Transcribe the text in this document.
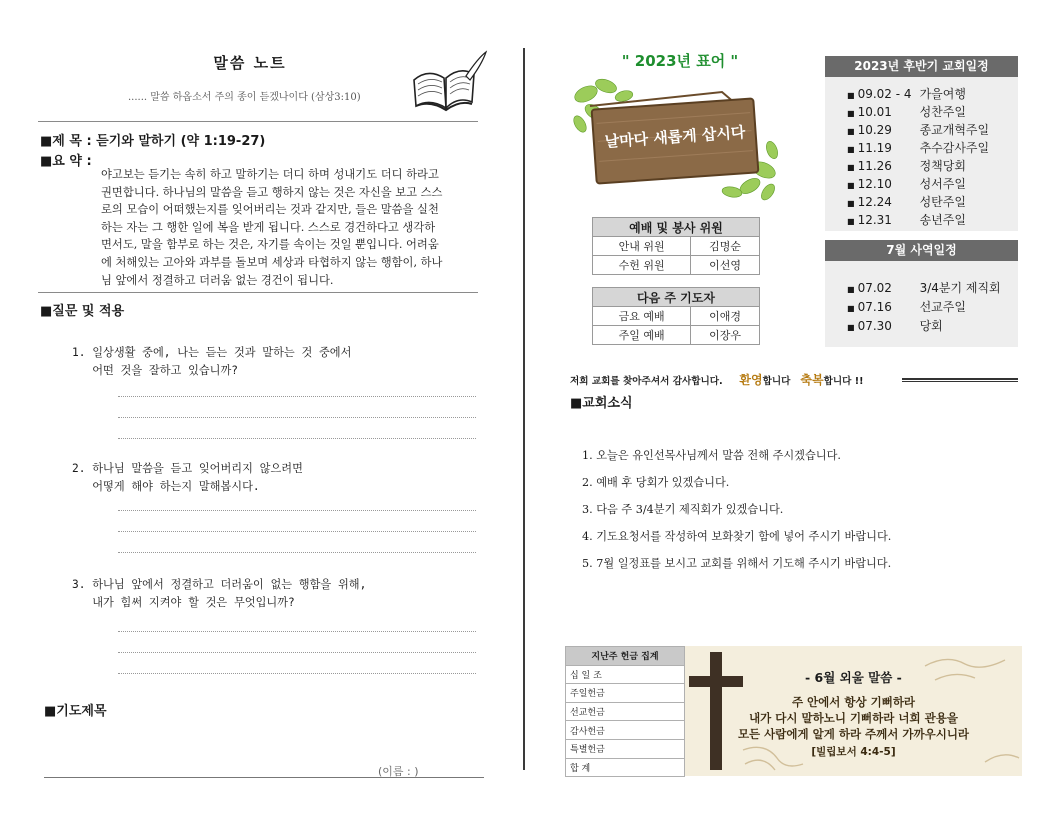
말씀 노트
...... 말씀 하옵소서 주의 종이 듣겠나이다 (삼상3:10)
■제 목 : 듣기와 말하기 (약 1:19-27)
■요 약 :
야고보는 듣기는 속히 하고 말하기는 더디 하며 성내기도 더디 하라고
권면합니다. 하나님의 말씀을 듣고 행하지 않는 것은 자신을 보고 스스
로의 모습이 어떠했는지를 잊어버리는 것과 같지만, 들은 말씀을 실천
하는 자는 그 행한 일에 복을 받게 됩니다. 스스로 경건하다고 생각하
면서도, 말을 함부로 하는 것은, 자기를 속이는 것일 뿐입니다. 어려움
에 처해있는 고아와 과부를 돌보며 세상과 타협하지 않는 행함이, 하나
님 앞에서 정결하고 더러움 없는 경건이 됩니다.
■질문 및 적용
1. 일상생활 중에, 나는 듣는 것과 말하는 것 중에서
어떤 것을 잘하고 있습니까?
2. 하나님 말씀을 듣고 잊어버리지 않으려면
어떻게 해야 하는지 말해봅시다.
3. 하나님 앞에서 정결하고 더러움이 없는 행함을 위해,
내가 힘써 지켜야 할 것은 무엇입니까?
■기도제목
(이름 : )
" 2023년 표어 "
날마다 새롭게 삽시다
예배 및 봉사 위원	
안내 위원	김명순
수헌 위원	이선영
다음 주 기도자	
금요 예배	이애경
주일 예배	이장우
2023년 후반기 교회일정
■ 09.02 - 4 가을여행
■ 10.01 성찬주일
■ 10.29 종교개혁주일
■ 11.19 추수감사주일
■ 11.26 정책당회
■ 12.10 성서주일
■ 12.24 성탄주일
■ 12.31 송년주일
7월 사역일정
■ 07.02 3/4분기 제직회
■ 07.16 선교주일
■ 07.30 당회
저희 교회를 찾아주셔서 감사합니다. 환영합니다 축복합니다 !!
■교회소식
1. 오늘은 유인선목사님께서 말씀 전해 주시겠습니다.
2. 예배 후 당회가 있겠습니다.
3. 다음 주 3/4분기 제직회가 있겠습니다.
4. 기도요청서를 작성하여 보화찾기 함에 넣어 주시기 바랍니다.
5. 7월 일정표를 보시고 교회를 위해서 기도해 주시기 바랍니다.
지난주 헌금 집계
십 일 조
주일헌금
선교헌금
감사헌금
특별헌금
합 계
- 6월 외울 말씀 -
주 안에서 항상 기뻐하라
내가 다시 말하노니 기뻐하라 너희 관용을
모든 사람에게 알게 하라 주께서 가까우시니라
[빌립보서 4:4-5]
